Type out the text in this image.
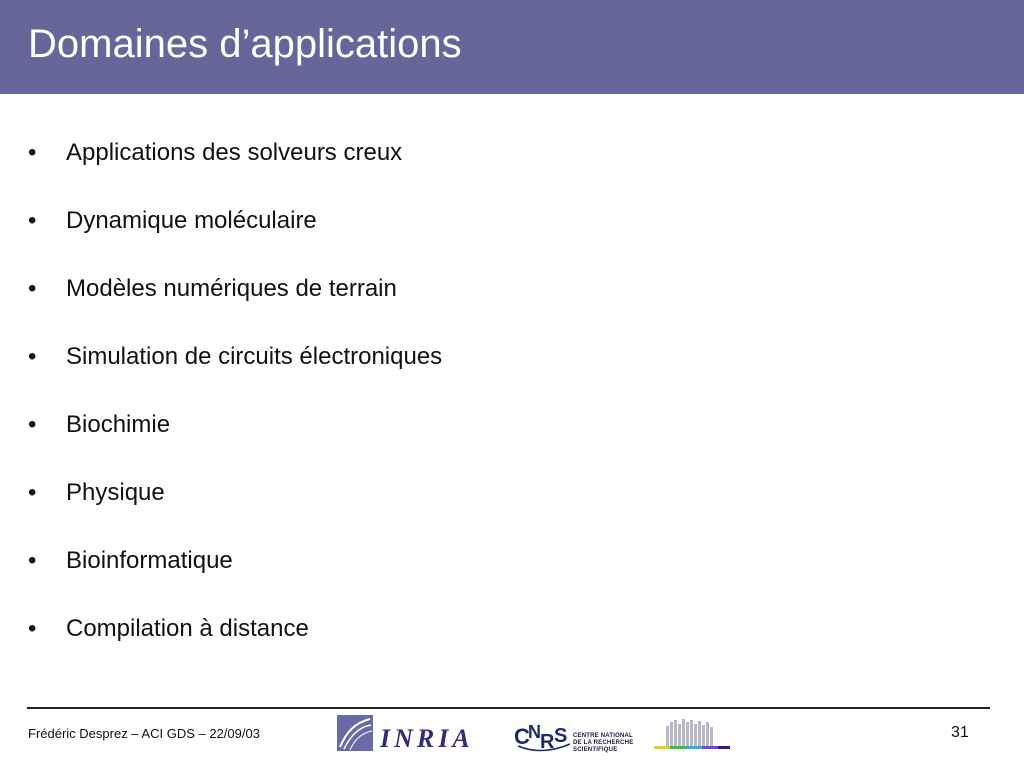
Domaines d’applications
•	Applications des solveurs creux
•	Dynamique moléculaire
•	Modèles numériques de terrain
•	Simulation de circuits électroniques
•	Biochimie
•	Physique
•	Bioinformatique
•	Compilation à distance
Frédéric Desprez – ACI GDS – 22/09/03	INRIA C
N R S CENTRE NATIONAL
DE LA RECHERCHE
SCIENTIFIQUE
31
